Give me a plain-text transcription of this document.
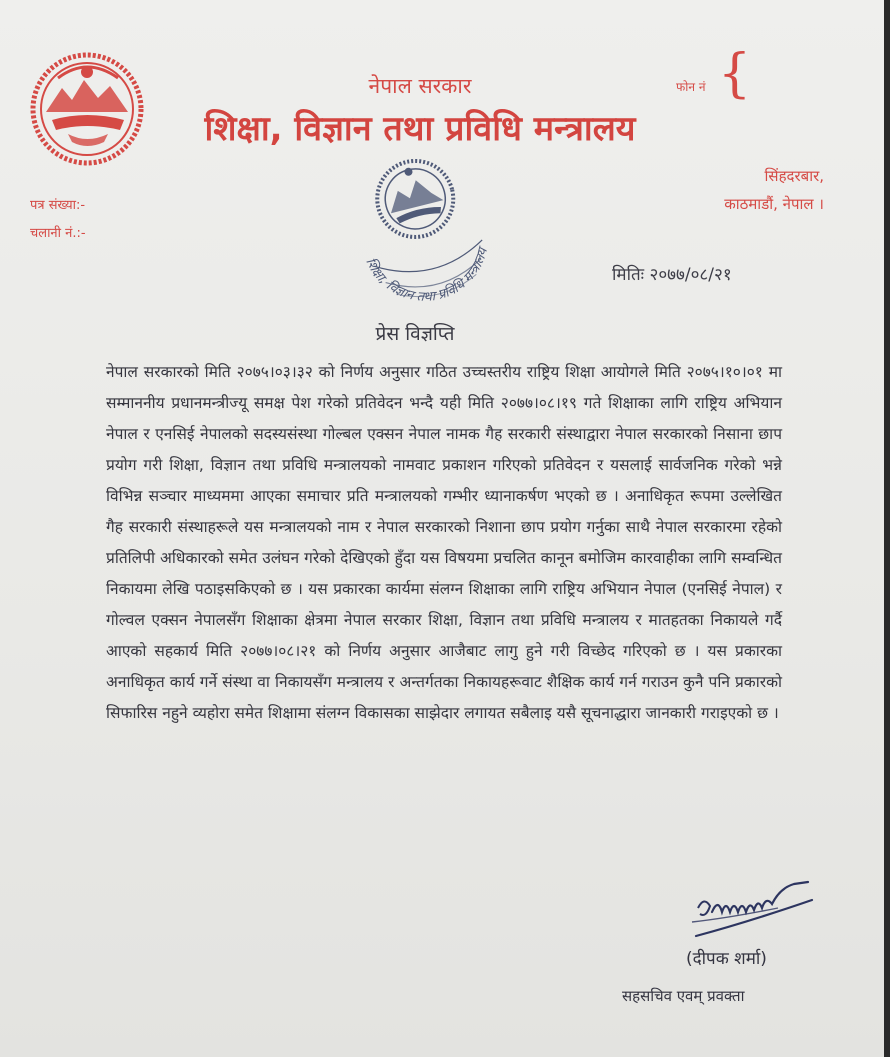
नेपाल सरकार
शिक्षा, विज्ञान तथा प्रविधि मन्त्रालय
फोन नं {
सिंहदरबार,
काठमाडौं, नेपाल ।
पत्र संख्या:-
चलानी नं.:-
शिक्षा, विज्ञान तथा प्रविधि मन्त्रालय
मितिः २०७७/०८/२१
प्रेस विज्ञप्ति
नेपाल सरकारको मिति २०७५।०३।३२ को निर्णय अनुसार गठित उच्चस्तरीय राष्ट्रिय शिक्षा आयोगले मिति २०७५।१०।०१ मा सम्माननीय प्रधानमन्त्रीज्यू समक्ष पेश गरेको प्रतिवेदन भन्दै यही मिति २०७७।०८।१९ गते शिक्षाका लागि राष्ट्रिय अभियान नेपाल र एनसिई नेपालको सदस्यसंस्था गोल्बल एक्सन नेपाल नामक गैह सरकारी संस्थाद्वारा नेपाल सरकारको निसाना छाप प्रयोग गरी शिक्षा, विज्ञान तथा प्रविधि मन्त्रालयको नामवाट प्रकाशन गरिएको प्रतिवेदन र यसलाई सार्वजनिक गरेको भन्ने विभिन्न सञ्चार माध्यममा आएका समाचार प्रति मन्त्रालयको गम्भीर ध्यानाकर्षण भएको छ । अनाधिकृत रूपमा उल्लेखित गैह सरकारी संस्थाहरूले यस मन्त्रालयको नाम र नेपाल सरकारको निशाना छाप प्रयोग गर्नुका साथै नेपाल सरकारमा रहेको प्रतिलिपी अधिकारको समेत उलंघन गरेको देखिएको हुँदा यस विषयमा प्रचलित कानून बमोजिम कारवाहीका लागि सम्वन्धित निकायमा लेखि पठाइसकिएको छ । यस प्रकारका कार्यमा संलग्न शिक्षाका लागि राष्ट्रिय अभियान नेपाल (एनसिई नेपाल) र गोल्वल एक्सन नेपालसँग शिक्षाका क्षेत्रमा नेपाल सरकार शिक्षा, विज्ञान तथा प्रविधि मन्त्रालय र मातहतका निकायले गर्दै आएको सहकार्य मिति २०७७।०८।२१ को निर्णय अनुसार आजैबाट लागु हुने गरी विच्छेद गरिएको छ । यस प्रकारका अनाधिकृत कार्य गर्ने संस्था वा निकायसँग मन्त्रालय र अन्तर्गतका निकायहरूवाट शैक्षिक कार्य गर्न गराउन कुनै पनि प्रकारको सिफारिस नहुने व्यहोरा समेत शिक्षामा संलग्न विकासका साझेदार लगायत सबैलाइ यसै सूचनाद्धारा जानकारी गराइएको छ ।
(दीपक शर्मा)
सहसचिव एवम् प्रवक्ता
